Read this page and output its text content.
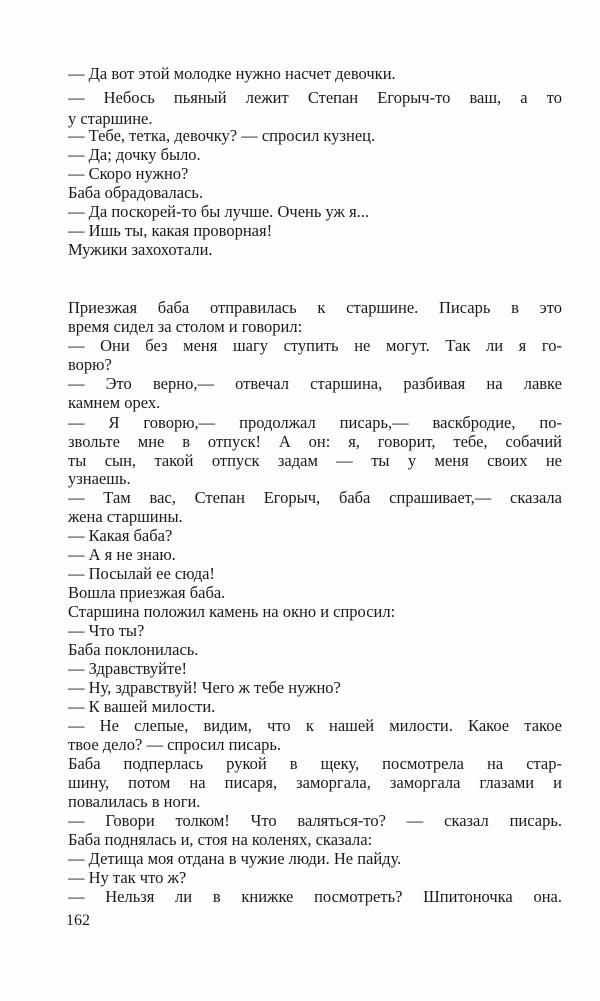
— Да вот этой молодке нужно насчет девочки.
— Небось пьяный лежит Степан Егорыч-то ваш, а то
у старшине.
— Тебе, тетка, девочку? — спросил кузнец.
— Да; дочку было.
— Скоро нужно?
Баба обрадовалась.
— Да поскорей-то бы лучше. Очень уж я...
— Ишь ты, какая проворная!
Мужики захохотали.
Приезжая баба отправилась к старшине. Писарь в это
время сидел за столом и говорил:
— Они без меня шагу ступить не могут. Так ли я го-
ворю?
— Это верно,— отвечал старшина, разбивая на лавке
камнем орех.
— Я говорю,— продолжал писарь,— васкбродие, по-
звольте мне в отпуск! А он: я, говорит, тебе, собачий
ты сын, такой отпуск задам — ты у меня своих не
узнаешь.
— Там вас, Степан Егорыч, баба спрашивает,— сказала
жена старшины.
— Какая баба?
— А я не знаю.
— Посылай ее сюда!
Вошла приезжая баба.
Старшина положил камень на окно и спросил:
— Что ты?
Баба поклонилась.
— Здравствуйте!
— Ну, здравствуй! Чего ж тебе нужно?
— К вашей милости.
— Не слепые, видим, что к нашей милости. Какое такое
твое дело? — спросил писарь.
Баба подперлась рукой в щеку, посмотрела на стар-
шину, потом на писаря, заморгала, заморгала глазами и
повалилась в ноги.
— Говори толком! Что валяться-то? — сказал писарь.
Баба поднялась и, стоя на коленях, сказала:
— Детища моя отдана в чужие люди. Не пайду.
— Ну так что ж?
— Нельзя ли в книжке посмотреть? Шпитоночка она.
162
